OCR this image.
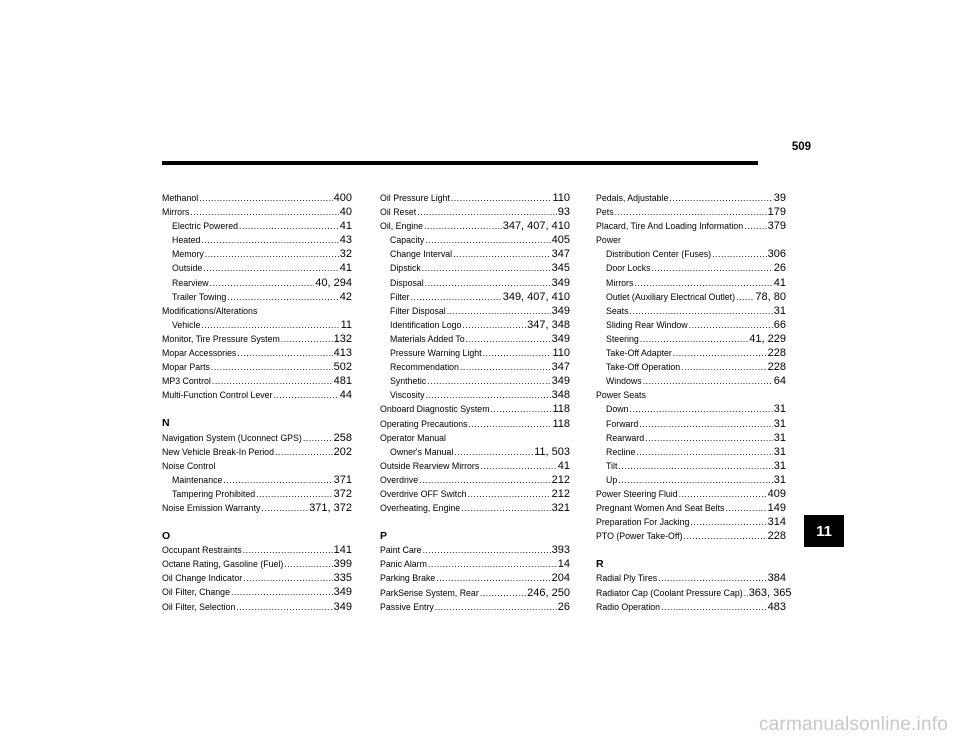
509
Methanol .....	400
Mirrors .....	40
Electric Powered .....	41
Heated .....	43
Memory .....	32
Outside .....	41
Rearview .....	40, 294
Trailer Towing .....	42
Modifications/Alterations
Vehicle .....	11
Monitor, Tire Pressure System .....	132
Mopar Accessories .....	413
Mopar Parts .....	502
MP3 Control .....	481
Multi-Function Control Lever .....	44
N
Navigation System (Uconnect GPS) .....	258
New Vehicle Break-In Period .....	202
Noise Control
Maintenance .....	371
Tampering Prohibited .....	372
Noise Emission Warranty .....	371, 372
O
Occupant Restraints .....	141
Octane Rating, Gasoline (Fuel) .....	399
Oil Change Indicator .....	335
Oil Filter, Change .....	349
Oil Filter, Selection .....	349
Oil Pressure Light .....	110
Oil Reset .....	93
Oil, Engine .....	347, 407, 410
Capacity .....	405
Change Interval .....	347
Dipstick .....	345
Disposal .....	349
Filter .....	349, 407, 410
Filter Disposal .....	349
Identification Logo .....	347, 348
Materials Added To .....	349
Pressure Warning Light .....	110
Recommendation .....	347
Synthetic .....	349
Viscosity .....	348
Onboard Diagnostic System .....	118
Operating Precautions .....	118
Operator Manual
Owner's Manual .....	11, 503
Outside Rearview Mirrors .....	41
Overdrive .....	212
Overdrive OFF Switch .....	212
Overheating, Engine .....	321
P
Paint Care .....	393
Panic Alarm .....	14
Parking Brake .....	204
ParkSense System, Rear .....	246, 250
Passive Entry .....	26
Pedals, Adjustable .....	39
Pets .....	179
Placard, Tire And Loading Information ..... 379
Power
Distribution Center (Fuses) .....	306
Door Locks .....	26
Mirrors .....	41
Outlet (Auxiliary Electrical Outlet) ..... 78, 80
Seats .....	31
Sliding Rear Window .....	66
Steering .....	41, 229
Take-Off Adapter .....	228
Take-Off Operation .....	228
Windows .....	64
Power Seats
Down .....	31
Forward .....	31
Rearward .....	31
Recline .....	31
Tilt .....	31
Up .....	31
Power Steering Fluid .....	409
Pregnant Women And Seat Belts .....	149
Preparation For Jacking .....	314
PTO (Power Take-Off) .....	228
R
Radial Ply Tires .....	384
Radiator Cap (Coolant Pressure Cap) ..... 363, 365
Radio Operation .....	483
11
carmanualsonline.info
